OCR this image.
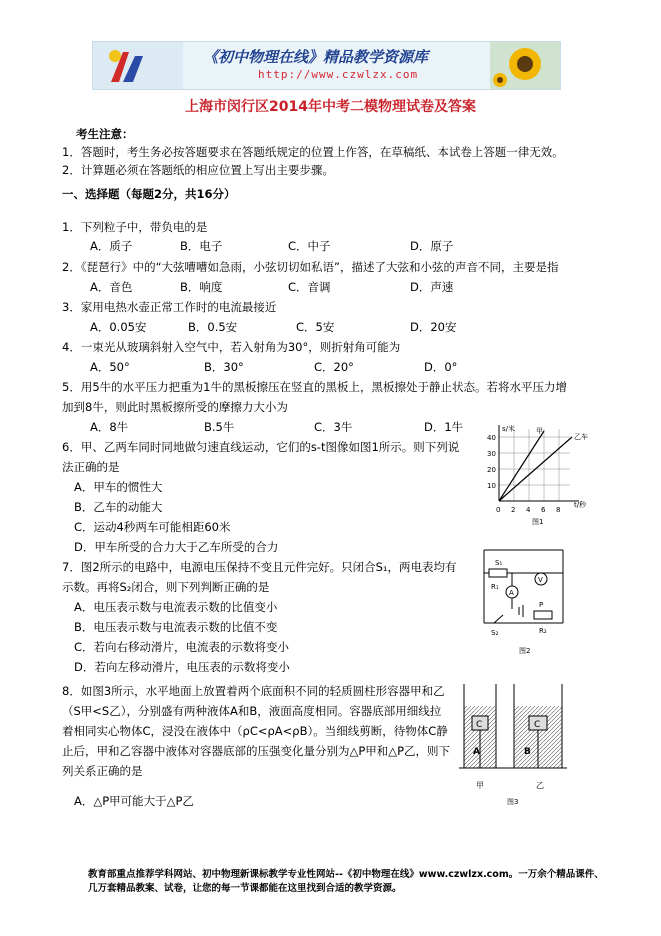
《初中物理在线》精品教学资源库
http://www.czwlzx.com
上海市闵行区2014年中考二模物理试卷及答案
考生注意：
1．答题时，考生务必按答题要求在答题纸规定的位置上作答，在草稿纸、本试卷上答题一律无效。
2．计算题必须在答题纸的相应位置上写出主要步骤。
一、选择题（每题2分，共16分）
1．下列粒子中，带负电的是
A．质子	B．电子	C．中子	D．原子
2．《琵琶行》中的“大弦嘈嘈如急雨，小弦切切如私语”，描述了大弦和小弦的声音不同，主要是指
A．音色	B．响度	C．音调	D．声速
3．家用电热水壶正常工作时的电流最接近
A．0.05安	B．0.5安	C．5安	D．20安
4．一束光从玻璃斜射入空气中，若入射角为30°，则折射角可能为
A．50°	B．30°	C．20°	D．0°
5．用5牛的水平压力把重为1牛的黑板擦压在竖直的黑板上，黑板擦处于静止状态。若将水平压力增
加到8牛，则此时黑板擦所受的摩擦力大小为
A．8牛	B.5牛	C．3牛	D．1牛
6．甲、乙两车同时同地做匀速直线运动，它们的s-t图像如图1所示。则下列说
法正确的是
A．甲车的惯性大
B．乙车的动能大
C．运动4秒两车可能相距60米
D．甲车所受的合力大于乙车所受的合力
s/米
t/秒
40
30
20
10
0 2 4 6 8
甲
乙车
图1
7．图2所示的电路中，电源电压保持不变且元件完好。只闭合S₁，两电表均有
示数。再将S₂闭合，则下列判断正确的是
A．电压表示数与电流表示数的比值变小
B．电压表示数与电流表示数的比值不变
C．若向右移动滑片，电流表的示数将变小
D．若向左移动滑片，电压表的示数将变小
S₁
R₁
V
A
P
S₂	R₂
图2
8．如图3所示，水平地面上放置着两个底面积不同的轻质圆柱形容器甲和乙
（S甲<S乙），分别盛有两种液体A和B，液面高度相同。容器底部用细线拉
着相同实心物体C，浸没在液体中（ρC<ρA<ρB）。当细线剪断，待物体C静
止后，甲和乙容器中液体对容器底部的压强变化量分别为△P甲和△P乙，则下
列关系正确的是
A．△P甲可能大于△P乙
C	C
A	B
甲	乙
图3
教育部重点推荐学科网站、初中物理新课标教学专业性网站--《初中物理在线》www.czwlzx.com。一万余个精品课件、
几万套精品教案、试卷，让您的每一节课都能在这里找到合适的教学资源。
